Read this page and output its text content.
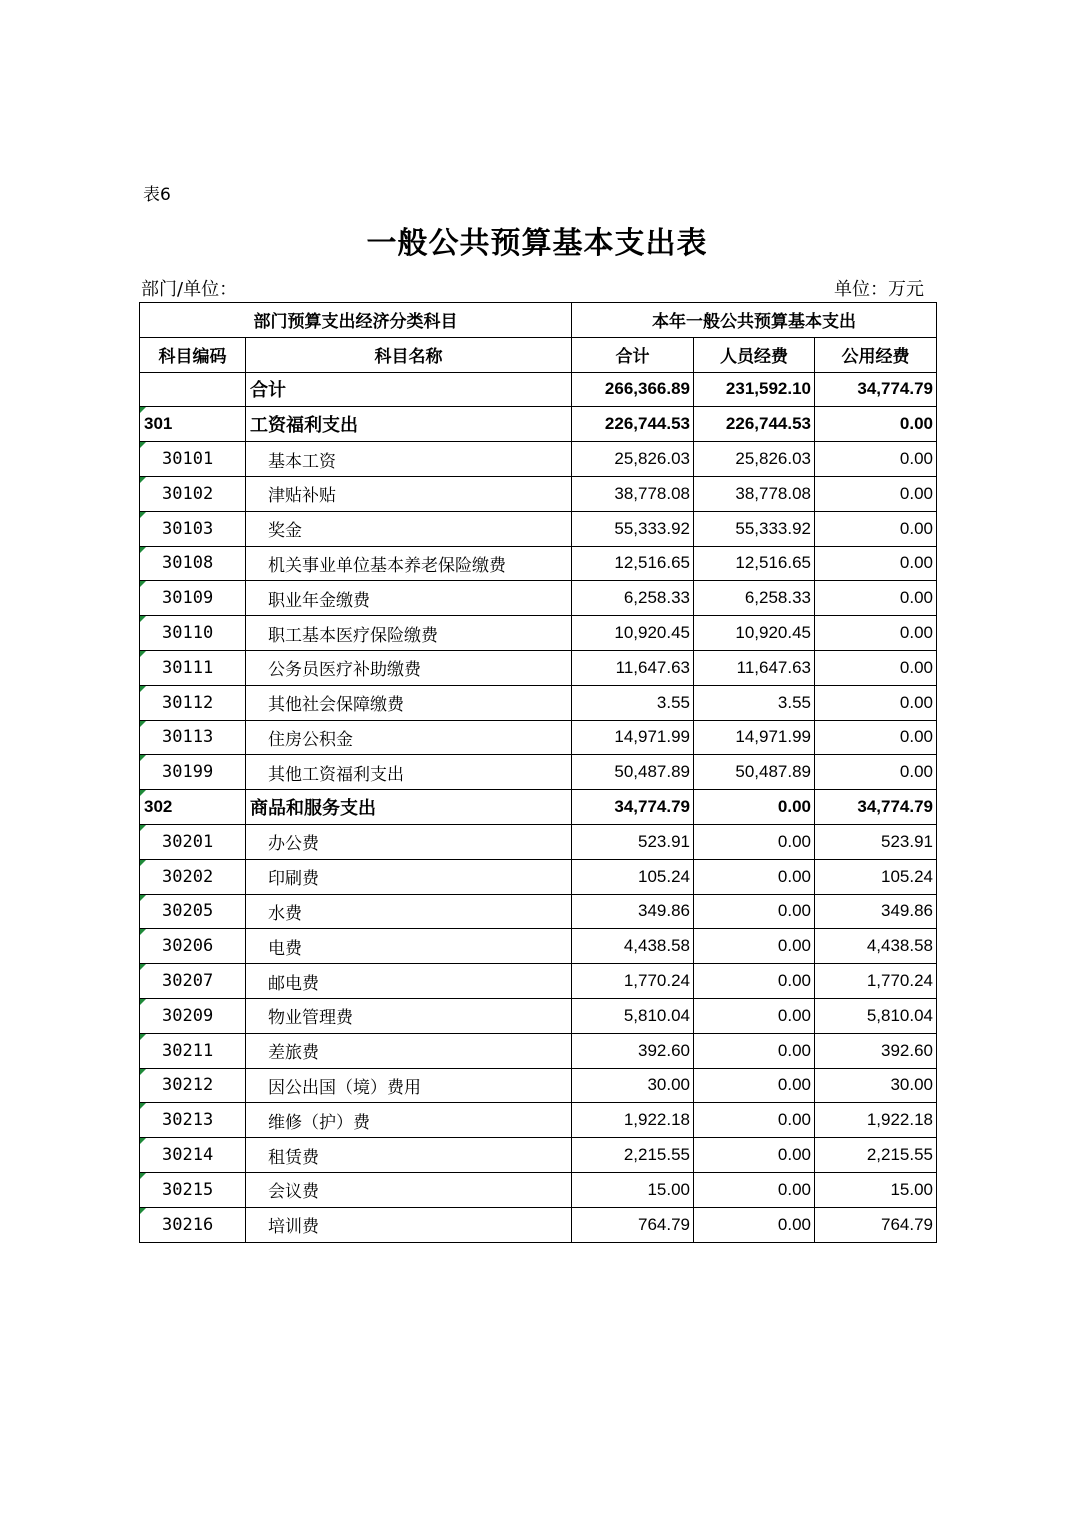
表6
一般公共预算基本支出表
部门/单位：	单位：万元
部门预算支出经济分类科目		本年一般公共预算基本支出		
科目编码	科目名称	合计	人员经费	公用经费
	合计	266,366.89	231,592.10	34,774.79
301	工资福利支出	226,744.53	226,744.53	0.00
30101	基本工资	25,826.03	25,826.03	0.00
30102	津贴补贴	38,778.08	38,778.08	0.00
30103	奖金	55,333.92	55,333.92	0.00
30108	机关事业单位基本养老保险缴费	12,516.65	12,516.65	0.00
30109	职业年金缴费	6,258.33	6,258.33	0.00
30110	职工基本医疗保险缴费	10,920.45	10,920.45	0.00
30111	公务员医疗补助缴费	11,647.63	11,647.63	0.00
30112	其他社会保障缴费	3.55	3.55	0.00
30113	住房公积金	14,971.99	14,971.99	0.00
30199	其他工资福利支出	50,487.89	50,487.89	0.00
302	商品和服务支出	34,774.79	0.00	34,774.79
30201	办公费	523.91	0.00	523.91
30202	印刷费	105.24	0.00	105.24
30205	水费	349.86	0.00	349.86
30206	电费	4,438.58	0.00	4,438.58
30207	邮电费	1,770.24	0.00	1,770.24
30209	物业管理费	5,810.04	0.00	5,810.04
30211	差旅费	392.60	0.00	392.60
30212	因公出国（境）费用	30.00	0.00	30.00
30213	维修（护）费	1,922.18	0.00	1,922.18
30214	租赁费	2,215.55	0.00	2,215.55
30215	会议费	15.00	0.00	15.00
30216	培训费	764.79	0.00	764.79
